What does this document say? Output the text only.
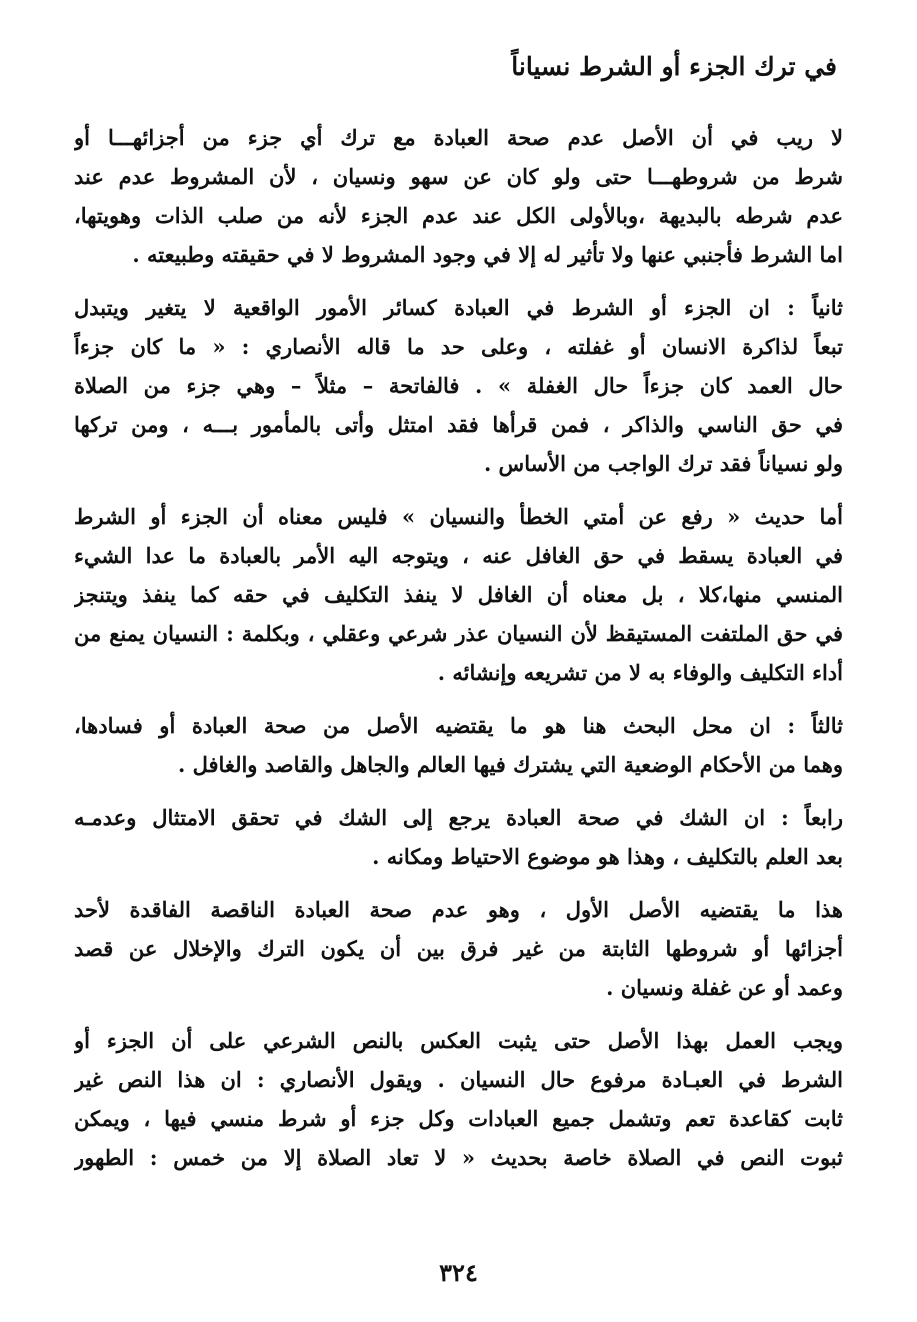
في ترك الجزء أو الشرط نسياناً
لا ريب في أن الأصل عدم صحة العبادة مع ترك أي جزء من أجزائهـــا أو
شرط من شروطهـــا حتى ولو كان عن سهو ونسيان ، لأن المشروط عدم عند
عدم شرطه بالبديهة ،وبالأولى الكل عند عدم الجزء لأنه من صلب الذات وهويتها،
اما الشرط فأجنبي عنها ولا تأثير له إلا في وجود المشروط لا في حقيقته وطبيعته .
ثانياً : ان الجزء أو الشرط في العبادة كسائر الأمور الواقعية لا يتغير ويتبدل
تبعاً لذاكرة الانسان أو غفلته ، وعلى حد ما قاله الأنصاري : « ما كان جزءاً
حال العمد كان جزءاً حال الغفلة » . فالفاتحة – مثلاً – وهي جزء من الصلاة
في حق الناسي والذاكر ، فمن قرأها فقد امتثل وأتى بالمأمور بـــه ، ومن تركها
ولو نسياناً فقد ترك الواجب من الأساس .
أما حديث « رفع عن أمتي الخطأ والنسيان » فليس معناه أن الجزء أو الشرط
في العبادة يسقط في حق الغافل عنه ، ويتوجه اليه الأمر بالعبادة ما عدا الشيء
المنسي منها،كلا ، بل معناه أن الغافل لا ينفذ التكليف في حقه كما ينفذ ويتنجز
في حق الملتفت المستيقظ لأن النسيان عذر شرعي وعقلي ، وبكلمة : النسيان يمنع من
أداء التكليف والوفاء به لا من تشريعه وإنشائه .
ثالثاً : ان محل البحث هنا هو ما يقتضيه الأصل من صحة العبادة أو فسادها،
وهما من الأحكام الوضعية التي يشترك فيها العالم والجاهل والقاصد والغافل .
رابعاً : ان الشك في صحة العبادة يرجع إلى الشك في تحقق الامتثال وعدمـه
بعد العلم بالتكليف ، وهذا هو موضوع الاحتياط ومكانه .
هذا ما يقتضيه الأصل الأول ، وهو عدم صحة العبادة الناقصة الفاقدة لأحد
أجزائها أو شروطها الثابتة من غير فرق بين أن يكون الترك والإخلال عن قصد
وعمد أو عن غفلة ونسيان .
ويجب العمل بهذا الأصل حتى يثبت العكس بالنص الشرعي على أن الجزء أو
الشرط في العبـادة مرفوع حال النسيان . ويقول الأنصاري : ان هذا النص غير
ثابت كقاعدة تعم وتشمل جميع العبادات وكل جزء أو شرط منسي فيها ، ويمكن
ثبوت النص في الصلاة خاصة بحديث « لا تعاد الصلاة إلا من خمس : الطهور
٣٢٤
